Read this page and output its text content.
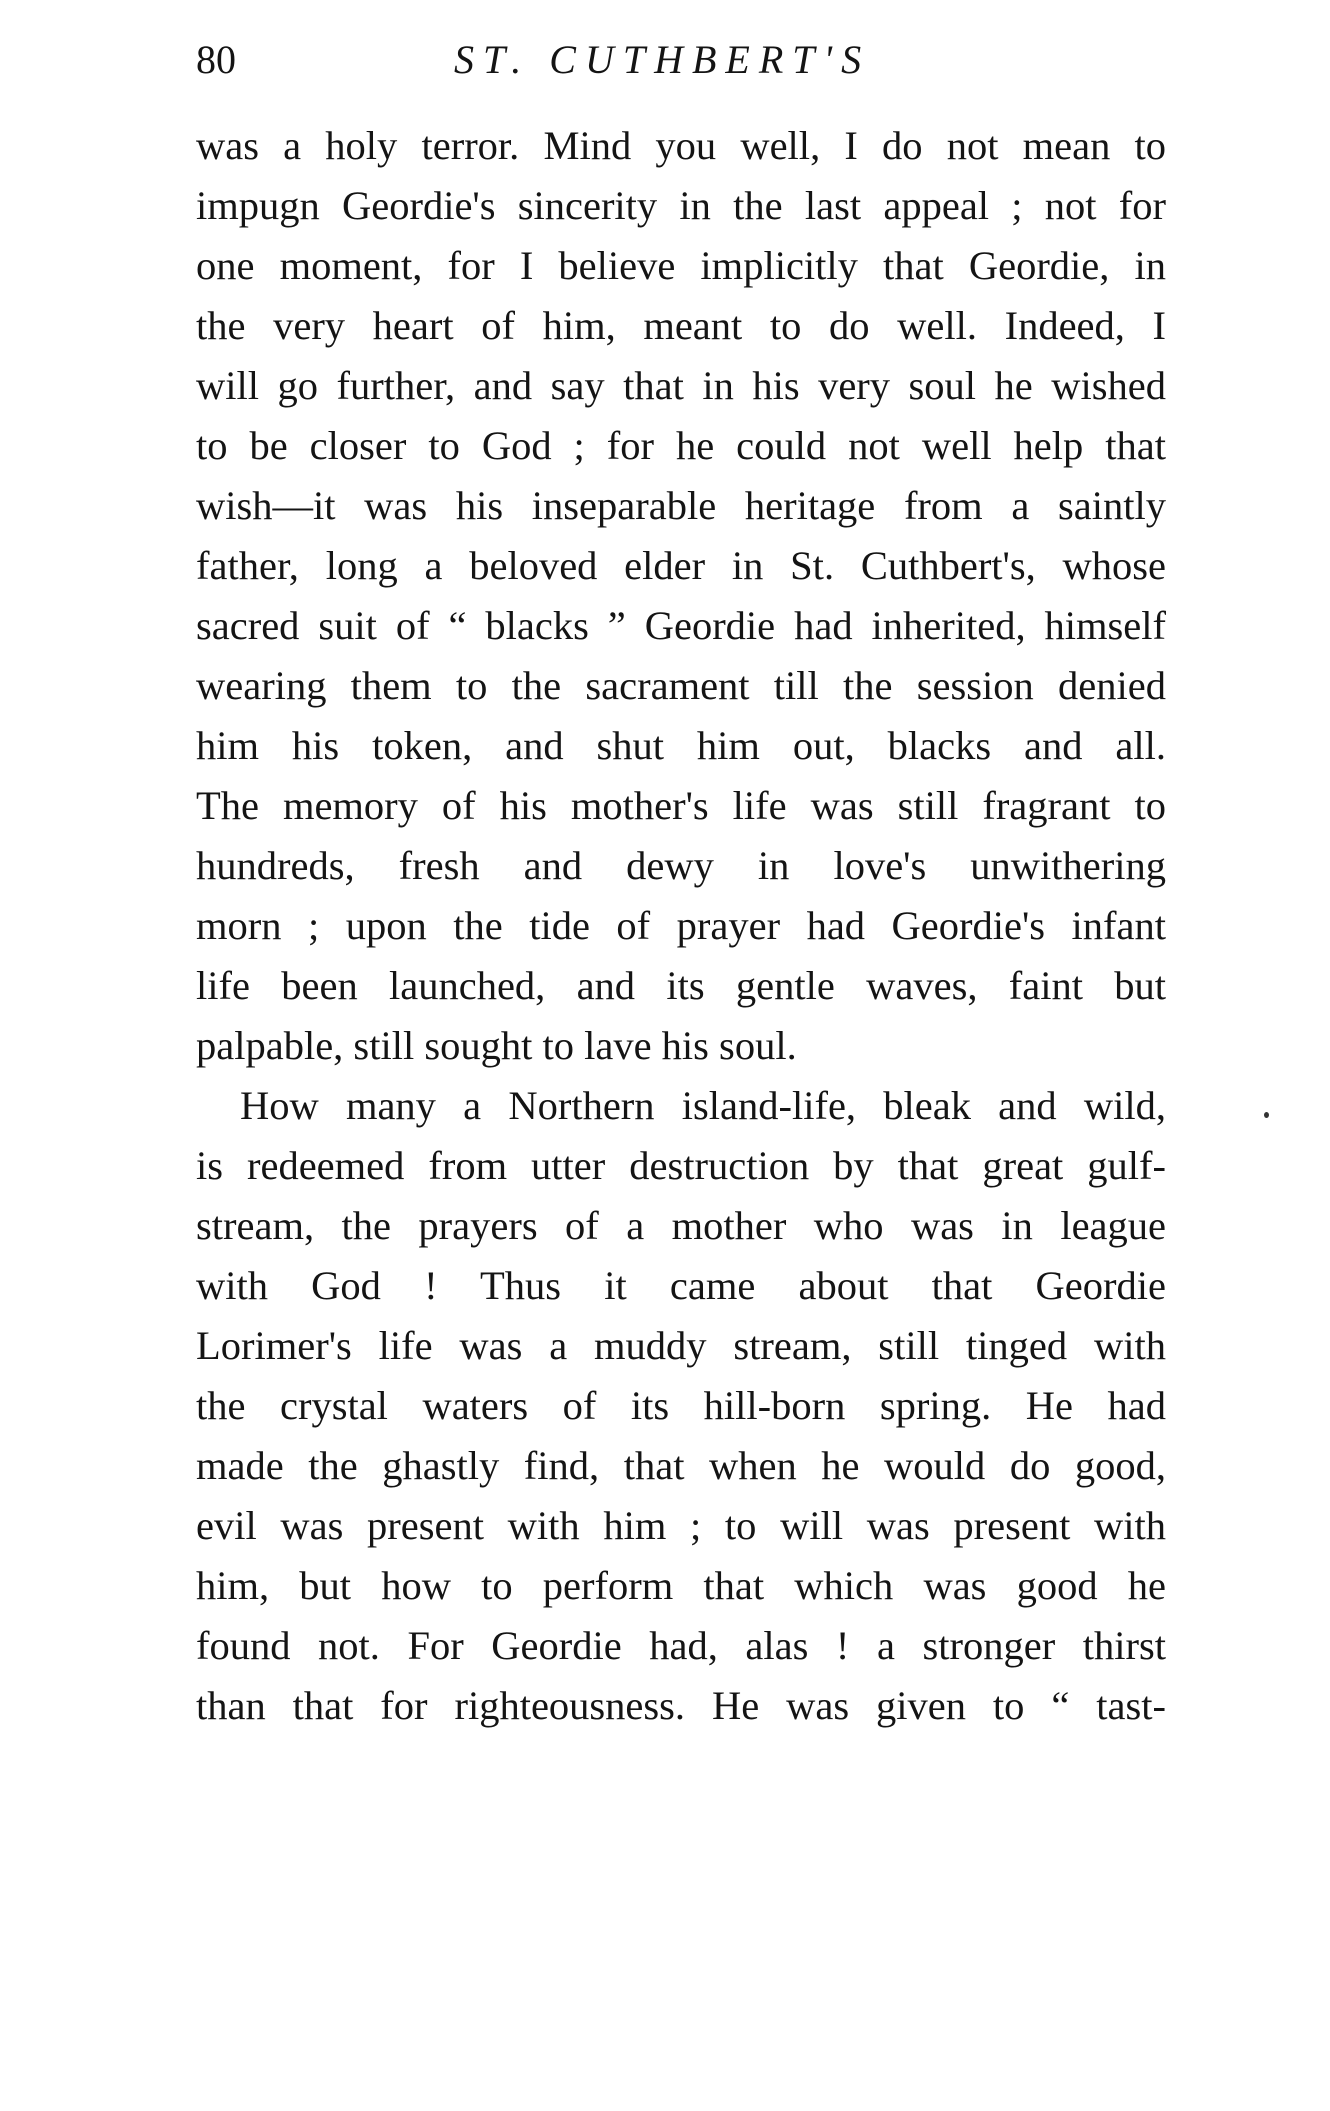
80	ST. CUTHBERT'S
was a holy terror. Mind you well, I do not mean to
impugn Geordie's sincerity in the last appeal ; not for
one moment, for I believe implicitly that Geordie, in
the very heart of him, meant to do well. Indeed, I
will go further, and say that in his very soul he wished
to be closer to God ; for he could not well help that
wish—it was his inseparable heritage from a saintly
father, long a beloved elder in St. Cuthbert's, whose
sacred suit of “ blacks ” Geordie had inherited, himself
wearing them to the sacrament till the session denied
him his token, and shut him out, blacks and all.
The memory of his mother's life was still fragrant to
hundreds, fresh and dewy in love's unwithering
morn ; upon the tide of prayer had Geordie's infant
life been launched, and its gentle waves, faint but
palpable, still sought to lave his soul.
How many a Northern island-life, bleak and wild,
is redeemed from utter destruction by that great gulf-
stream, the prayers of a mother who was in league
with God ! Thus it came about that Geordie
Lorimer's life was a muddy stream, still tinged with
the crystal waters of its hill-born spring. He had
made the ghastly find, that when he would do good,
evil was present with him ; to will was present with
him, but how to perform that which was good he
found not. For Geordie had, alas ! a stronger thirst
than that for righteousness. He was given to “ tast-
